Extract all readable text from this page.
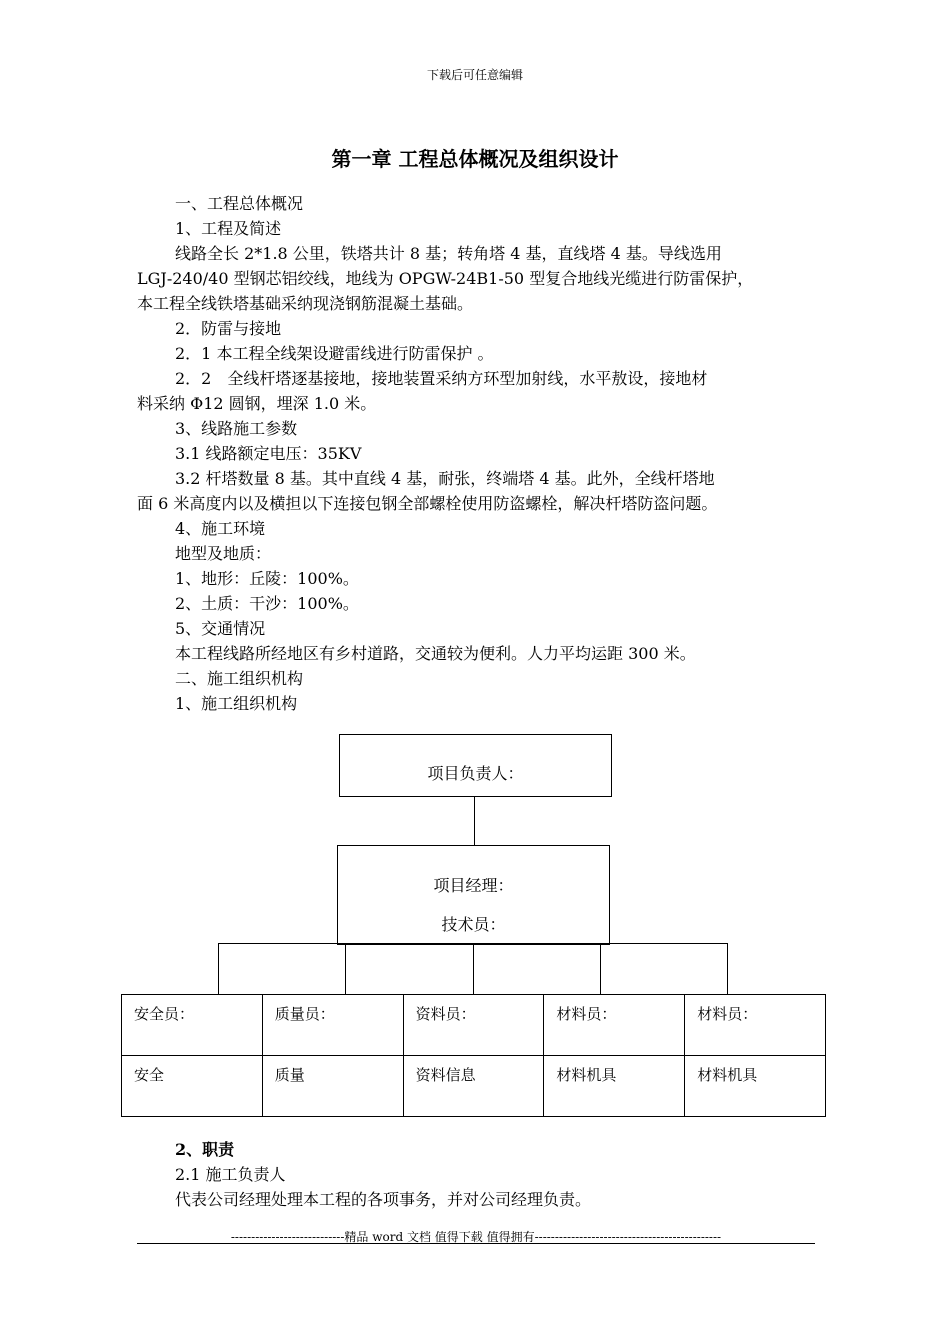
下载后可任意编辑
第一章 工程总体概况及组织设计
一、工程总体概况
1、工程及简述
线路全长 2*1.8 公里，铁塔共计 8 基；转角塔 4 基，直线塔 4 基。导线选用
LGJ-240/40 型钢芯铝绞线，地线为 OPGW-24B1-50 型复合地线光缆进行防雷保护，
本工程全线铁塔基础采纳现浇钢筋混凝土基础。
2．防雷与接地
2．1 本工程全线架设避雷线进行防雷保护 。
2．2　全线杆塔逐基接地，接地装置采纳方环型加射线，水平敖设，接地材
料采纳 Φ12 圆钢，埋深 1.0 米。
3、线路施工参数
3.1 线路额定电压：35KV
3.2 杆塔数量 8 基。其中直线 4 基，耐张，终端塔 4 基。此外，全线杆塔地
面 6 米高度内以及横担以下连接包钢全部螺栓使用防盗螺栓，解决杆塔防盗问题。
4、施工环境
地型及地质：
1、地形：丘陵：100%。
2、土质：干沙：100%。
5、交通情况
本工程线路所经地区有乡村道路，交通较为便利。人力平均运距 300 米。
二、施工组织机构
1、施工组织机构
项目负责人：
项目经理：
技术员：
安全员：	质量员：	资料员：	材料员：	材料员：
安全	质量	资料信息	材料机具	材料机具
2、职责
2.1 施工负责人
代表公司经理处理本工程的各项事务，并对公司经理负责。
----------------------------精品 word 文档 值得下载 值得拥有----------------------------------------------
